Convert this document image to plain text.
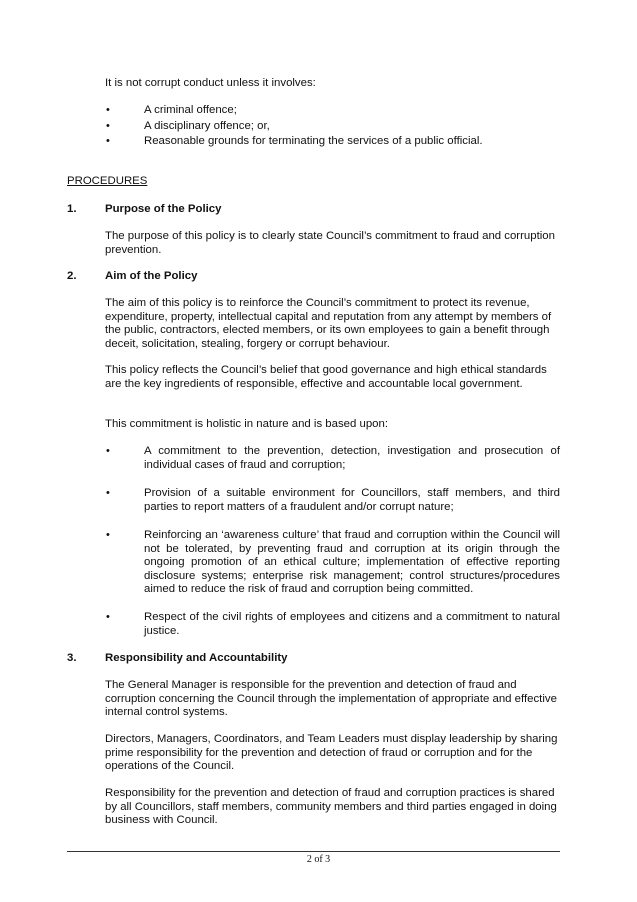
It is not corrupt conduct unless it involves:
•	A criminal offence;
•	A disciplinary offence; or,
•	Reasonable grounds for terminating the services of a public official.
PROCEDURES
1.	Purpose of the Policy
The purpose of this policy is to clearly state Council’s commitment to fraud and corruption prevention.
2.	Aim of the Policy
The aim of this policy is to reinforce the Council’s commitment to protect its revenue, expenditure, property, intellectual capital and reputation from any attempt by members of the public, contractors, elected members, or its own employees to gain a benefit through deceit, solicitation, stealing, forgery or corrupt behaviour.
This policy reflects the Council’s belief that good governance and high ethical standards are the key ingredients of responsible, effective and accountable local government.
This commitment is holistic in nature and is based upon:
•	A commitment to the prevention, detection, investigation and prosecution of individual cases of fraud and corruption;
•	Provision of a suitable environment for Councillors, staff members, and third parties to report matters of a fraudulent and/or corrupt nature;
•	Reinforcing an ‘awareness culture’ that fraud and corruption within the Council will not be tolerated, by preventing fraud and corruption at its origin through the ongoing promotion of an ethical culture; implementation of effective reporting disclosure systems; enterprise risk management; control structures/procedures aimed to reduce the risk of fraud and corruption being committed.
•	Respect of the civil rights of employees and citizens and a commitment to natural justice.
3.	Responsibility and Accountability
The General Manager is responsible for the prevention and detection of fraud and corruption concerning the Council through the implementation of appropriate and effective internal control systems.
Directors, Managers, Coordinators, and Team Leaders must display leadership by sharing prime responsibility for the prevention and detection of fraud or corruption and for the operations of the Council.
Responsibility for the prevention and detection of fraud and corruption practices is shared by all Councillors, staff members, community members and third parties engaged in doing business with Council.
2 of 3
